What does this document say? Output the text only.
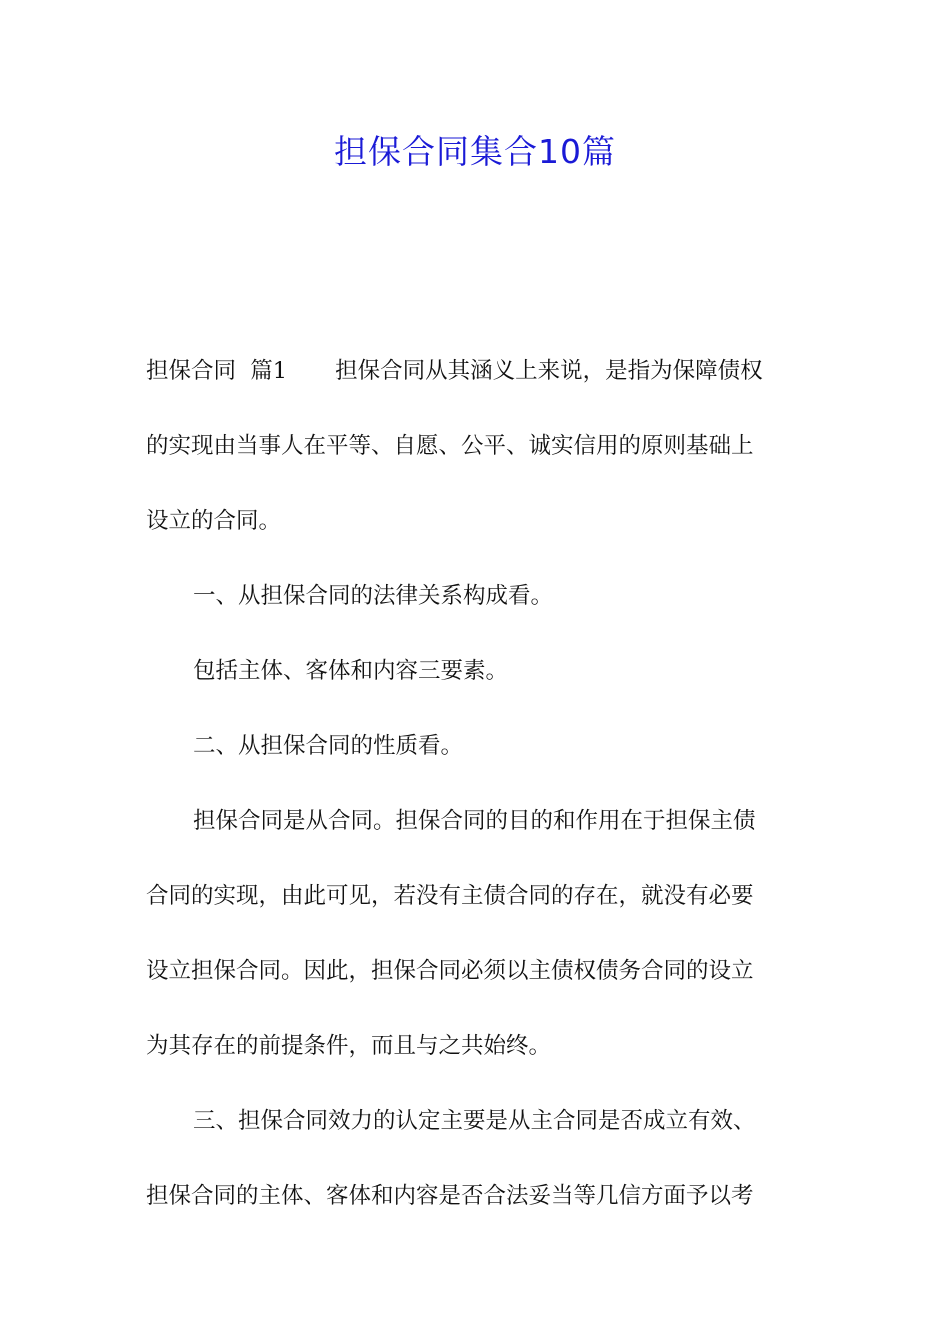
担保合同集合10篇
担保合同  篇1 担保合同从其涵义上来说，是指为保障债权
的实现由当事人在平等、自愿、公平、诚实信用的原则基础上
设立的合同。
一、从担保合同的法律关系构成看。
包括主体、客体和内容三要素。
二、从担保合同的性质看。
担保合同是从合同。担保合同的目的和作用在于担保主债
合同的实现，由此可见，若没有主债合同的存在，就没有必要
设立担保合同。因此，担保合同必须以主债权债务合同的设立
为其存在的前提条件，而且与之共始终。
三、担保合同效力的认定主要是从主合同是否成立有效、
担保合同的主体、客体和内容是否合法妥当等几信方面予以考
